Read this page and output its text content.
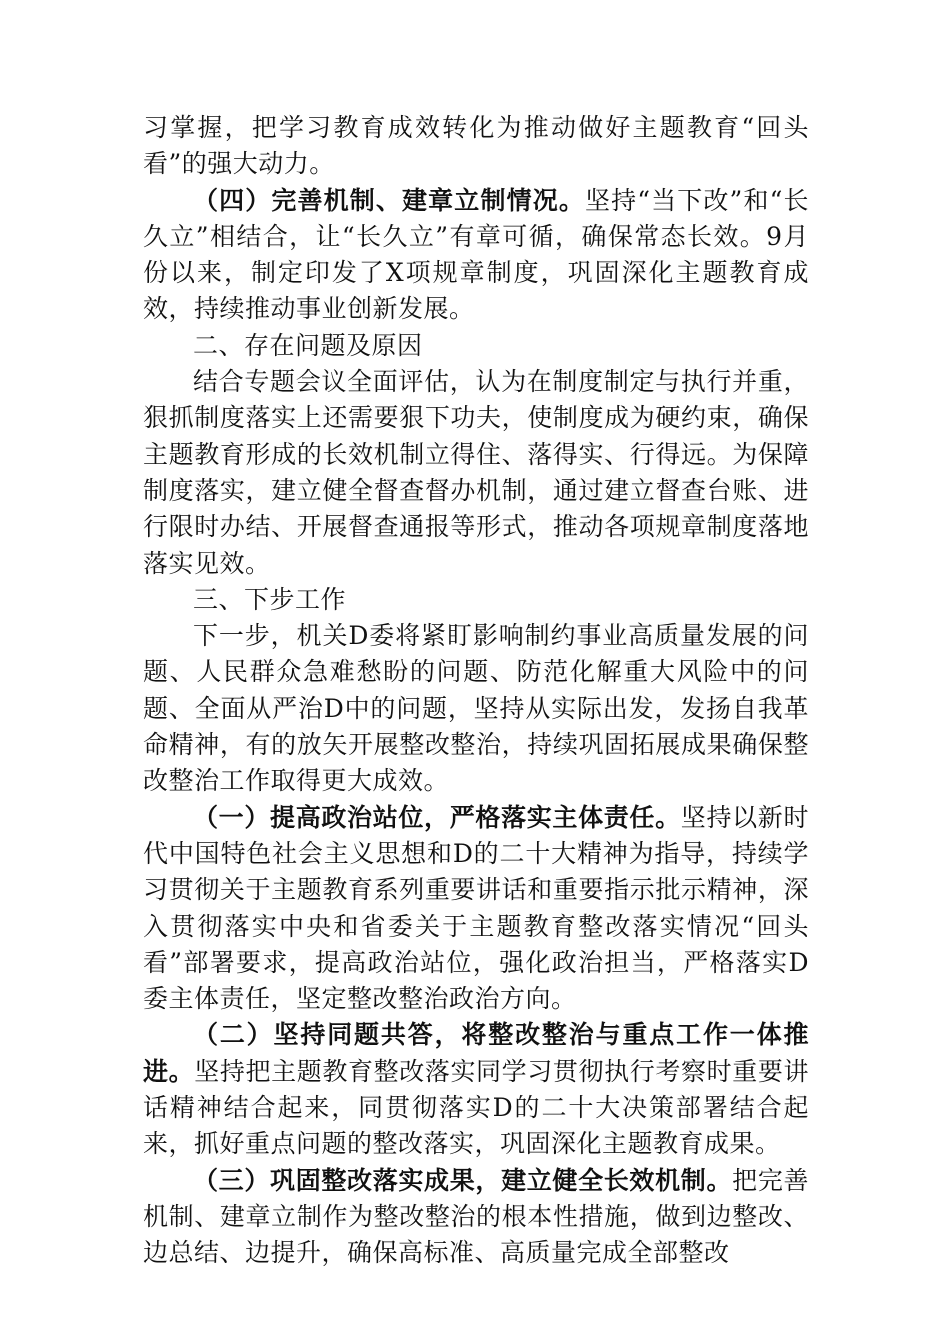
习掌握，把学习教育成效转化为推动做好主题教育“回头看”的强大动力。

（四）完善机制、建章立制情况。坚持“当下改”和“长久立”相结合，让“长久立”有章可循，确保常态长效。9月份以来，制定印发了X项规章制度，巩固深化主题教育成效，持续推动事业创新发展。

二、存在问题及原因

结合专题会议全面评估，认为在制度制定与执行并重，狠抓制度落实上还需要狠下功夫，使制度成为硬约束，确保主题教育形成的长效机制立得住、落得实、行得远。为保障制度落实，建立健全督查督办机制，通过建立督查台账、进行限时办结、开展督查通报等形式，推动各项规章制度落地落实见效。

三、下步工作

下一步，机关D委将紧盯影响制约事业高质量发展的问题、人民群众急难愁盼的问题、防范化解重大风险中的问题、全面从严治D中的问题，坚持从实际出发，发扬自我革命精神，有的放矢开展整改整治，持续巩固拓展成果确保整改整治工作取得更大成效。

（一）提高政治站位，严格落实主体责任。坚持以新时代中国特色社会主义思想和D的二十大精神为指导，持续学习贯彻关于主题教育系列重要讲话和重要指示批示精神，深入贯彻落实中央和省委关于主题教育整改落实情况“回头看”部署要求，提高政治站位，强化政治担当，严格落实D委主体责任，坚定整改整治政治方向。

（二）坚持同题共答，将整改整治与重点工作一体推进。坚持把主题教育整改落实同学习贯彻执行考察时重要讲话精神结合起来，同贯彻落实D的二十大决策部署结合起来，抓好重点问题的整改落实，巩固深化主题教育成果。

（三）巩固整改落实成果，建立健全长效机制。把完善机制、建章立制作为整改整治的根本性措施，做到边整改、边总结、边提升，确保高标准、高质量完成全部整改
